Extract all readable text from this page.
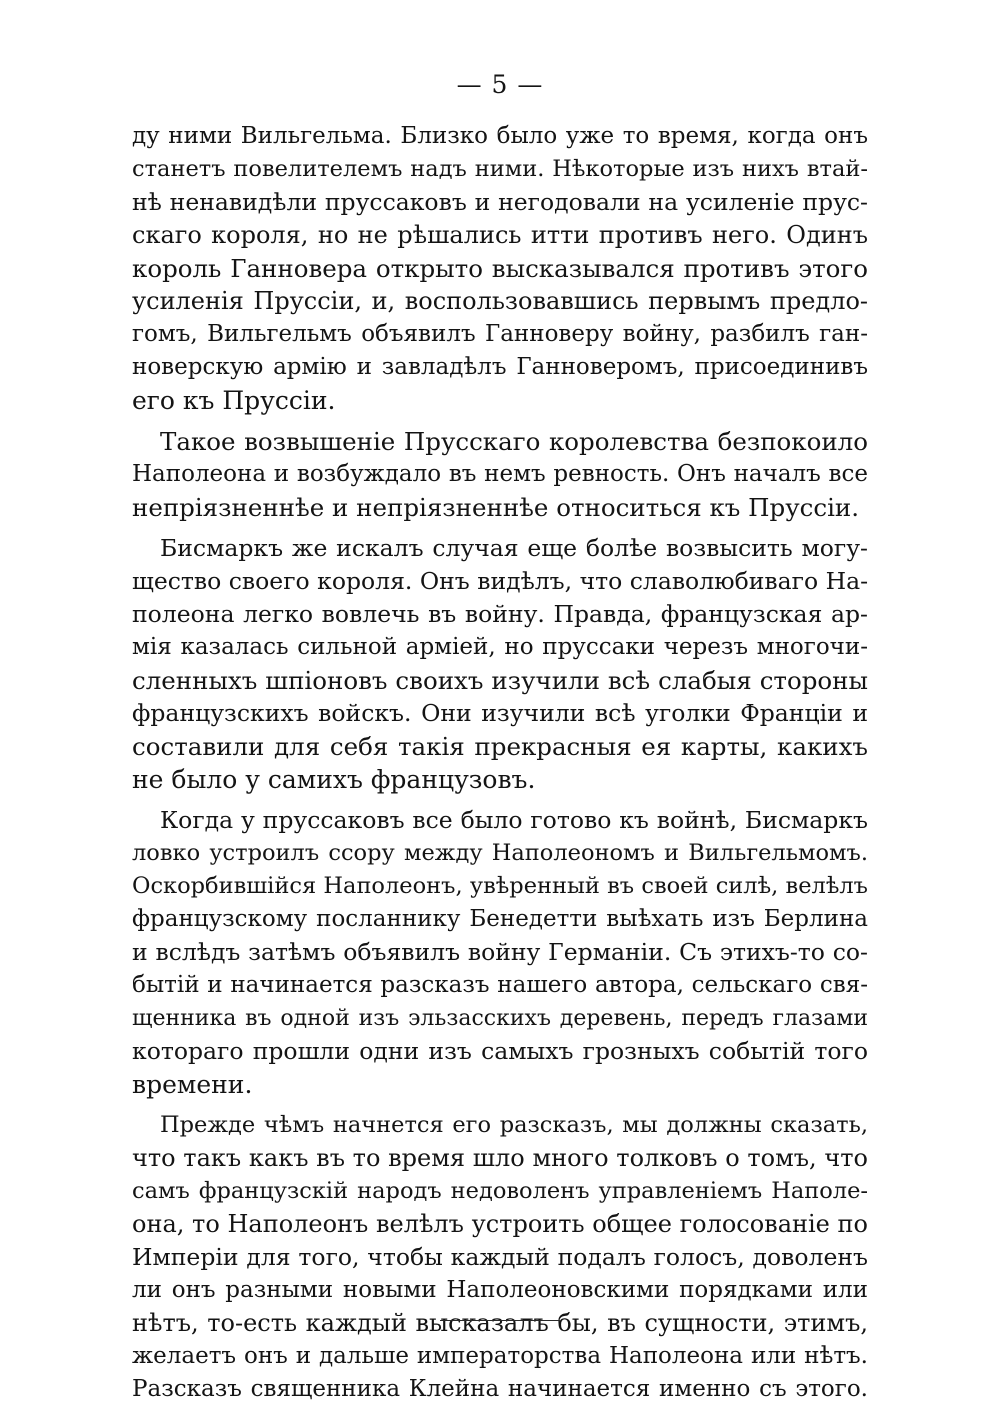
— 5 —
ду ними Вильгельма. Близко было уже то время, когда онъ
станетъ повелителемъ надъ ними. Нѣкоторые изъ нихъ втай-
нѣ ненавидѣли пруссаковъ и негодовали на усиленіе прус-
скаго короля, но не рѣшались итти противъ него. Одинъ
король Ганновера открыто высказывался противъ этого
усиленія Пруссіи, и, воспользовавшись первымъ предло-
гомъ, Вильгельмъ объявилъ Ганноверу войну, разбилъ ган-
новерскую армію и завладѣлъ Ганноверомъ, присоединивъ
его къ Пруссіи.
Такое возвышеніе Прусскаго королевства безпокоило
Наполеона и возбуждало въ немъ ревность. Онъ началъ все
непріязненнѣе и непріязненнѣе относиться къ Пруссіи.
Бисмаркъ же искалъ случая еще болѣе возвысить могу-
щество своего короля. Онъ видѣлъ, что славолюбиваго На-
полеона легко вовлечь въ войну. Правда, французская ар-
мія казалась сильной арміей, но пруссаки черезъ многочи-
сленныхъ шпіоновъ своихъ изучили всѣ слабыя стороны
французскихъ войскъ. Они изучили всѣ уголки Франціи и
составили для себя такія прекрасныя ея карты, какихъ
не было у самихъ французовъ.
Когда у пруссаковъ все было готово къ войнѣ, Бисмаркъ
ловко устроилъ ссору между Наполеономъ и Вильгельмомъ.
Оскорбившійся Наполеонъ, увѣренный въ своей силѣ, велѣлъ
французскому посланнику Бенедетти выѣхать изъ Берлина
и вслѣдъ затѣмъ объявилъ войну Германіи. Съ этихъ-то со-
бытій и начинается разсказъ нашего автора, сельскаго свя-
щенника въ одной изъ эльзасскихъ деревень, передъ глазами
котораго прошли одни изъ самыхъ грозныхъ событій того
времени.
Прежде чѣмъ начнется его разсказъ, мы должны сказать,
что такъ какъ въ то время шло много толковъ о томъ, что
самъ французскій народъ недоволенъ управленіемъ Наполе-
она, то Наполеонъ велѣлъ устроить общее голосованіе по
Имперіи для того, чтобы каждый подалъ голосъ, доволенъ
ли онъ разными новыми Наполеоновскими порядками или
нѣтъ, то-есть каждый высказалъ бы, въ сущности, этимъ,
желаетъ онъ и дальше императорства Наполеона или нѣтъ.
Разсказъ священника Клейна начинается именно съ этого.
